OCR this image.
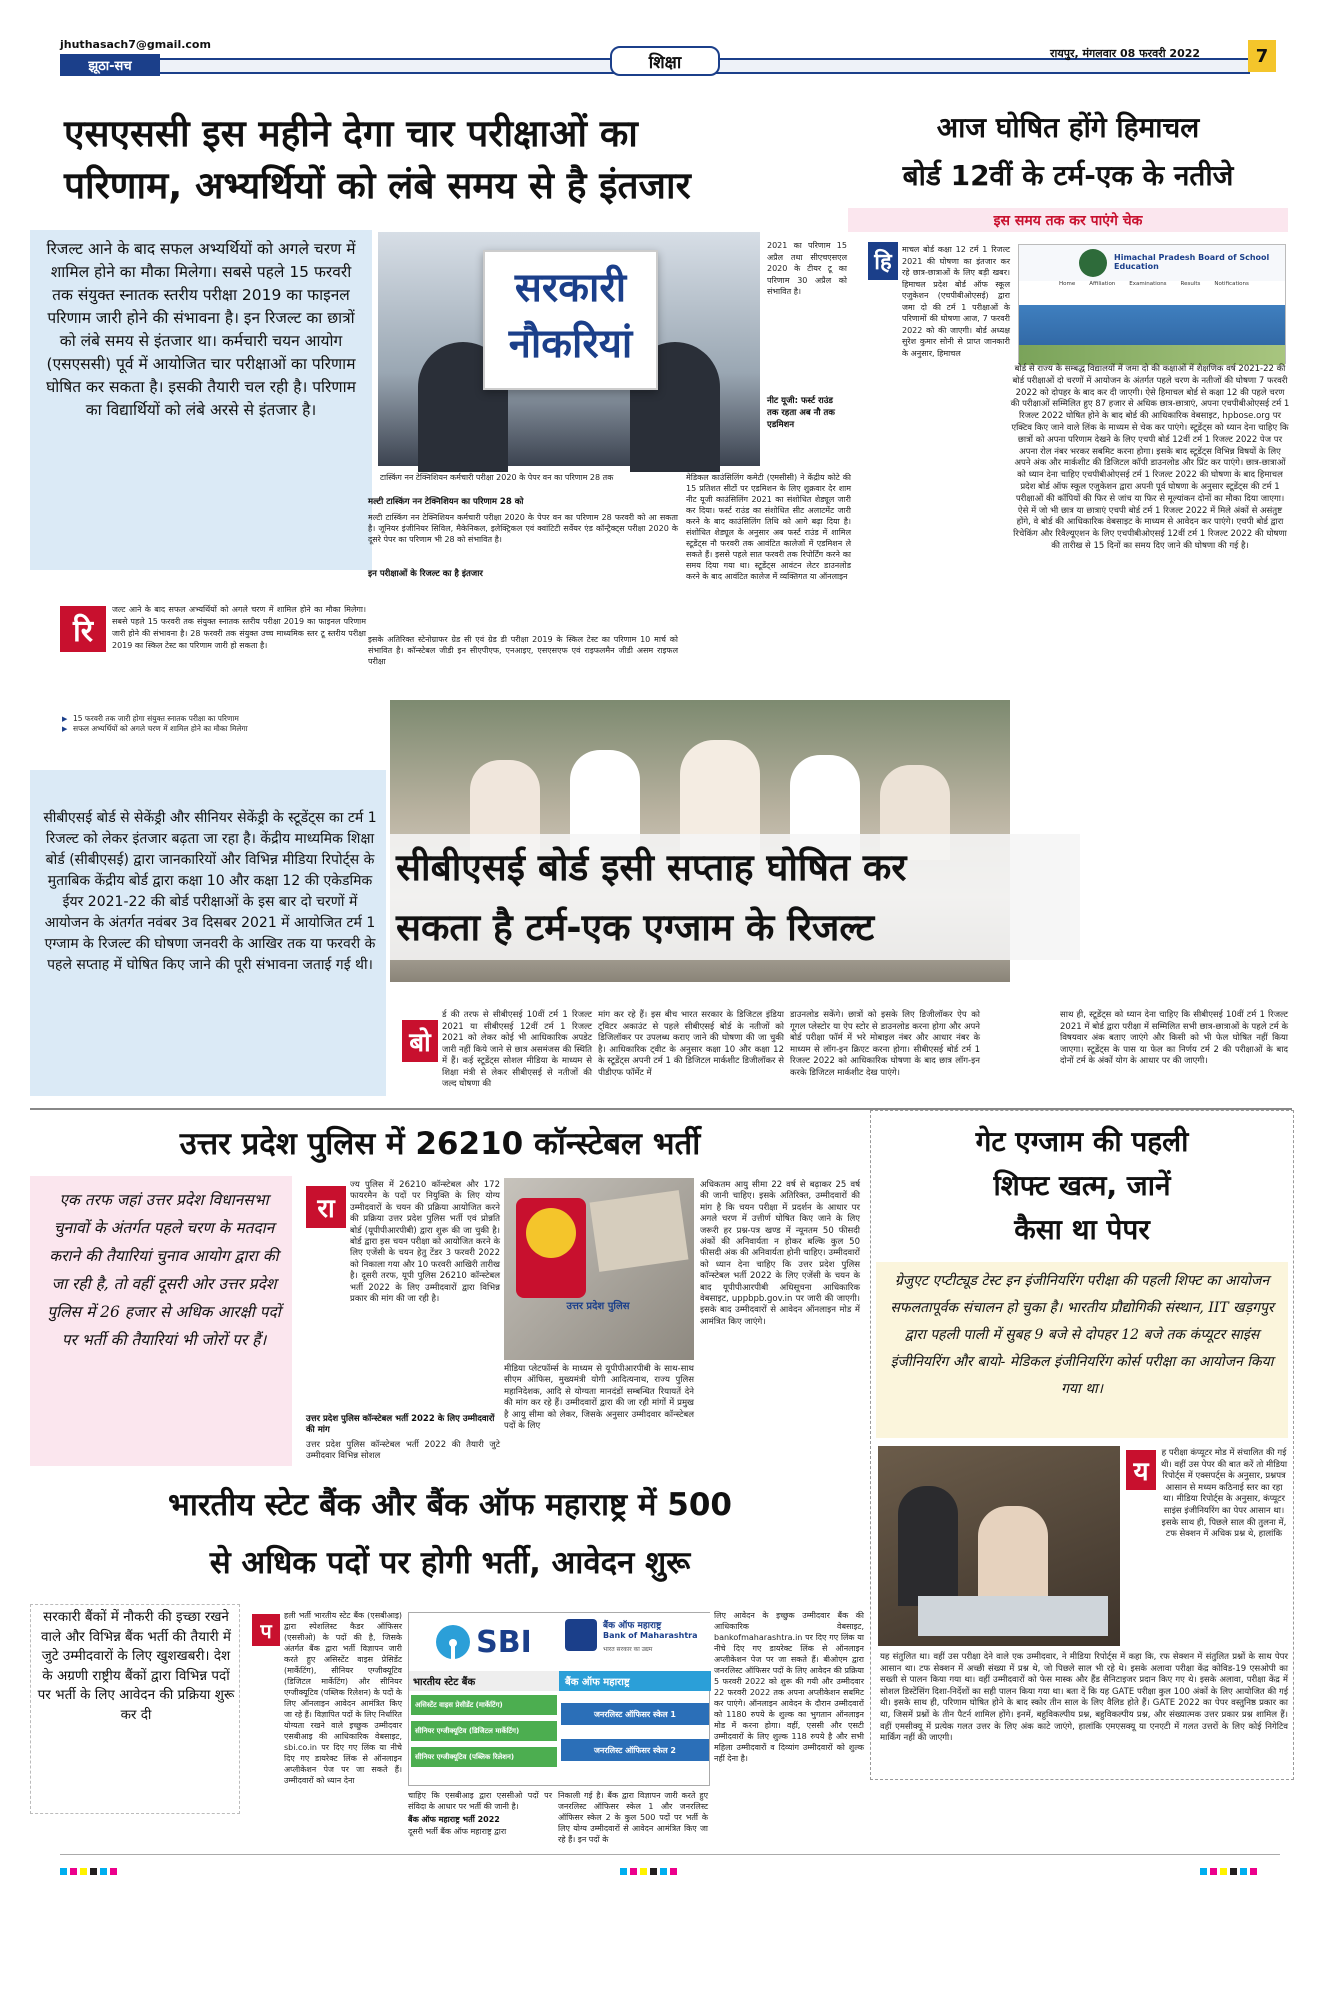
jhuthasach7@gmail.com
झूठा-सच	शिक्षा	रायपुर, मंगलवार 08 फरवरी 2022	7
एसएससी इस महीने देगा चार परीक्षाओं का
परिणाम, अभ्यर्थियों को लंबे समय से है इंतजार
रिजल्ट आने के बाद सफल अभ्यर्थियों को अगले चरण में शामिल होने का मौका मिलेगा। सबसे पहले 15 फरवरी तक संयुक्त स्नातक स्तरीय परीक्षा 2019 का फाइनल परिणाम जारी होने की संभावना है। इन रिजल्ट का छात्रों को लंबे समय से इंतजार था। कर्मचारी चयन आयोग (एसएससी) पूर्व में आयोजित चार परीक्षाओं का परिणाम घोषित कर सकता है। इसकी तैयारी चल रही है। परिणाम का विद्यार्थियों को लंबे अरसे से इंतजार है।
सरकारी
नौकरियां
2021 का परिणाम 15 अप्रैल तथा सीएचएसएल 2020 के टीयर टू का परिणाम 30 अप्रैल को संभावित है।
नीट यूजी: फर्स्ट राउंड तक रहता अब नौ तक एडमिशन
रि
जल्ट आने के बाद सफल अभ्यर्थियों को अगले चरण में शामिल होने का मौका मिलेगा। सबसे पहले 15 फरवरी तक संयुक्त स्नातक स्तरीय परीक्षा 2019 का फाइनल परिणाम जारी होने की संभावना है। 28 फरवरी तक संयुक्त उच्च माध्यमिक स्तर टू स्तरीय परीक्षा 2019 का स्किल टेस्ट का परिणाम जारी हो सकता है।
▶ 15 फरवरी तक जारी होगा संयुक्त स्नातक परीक्षा का परिणाम
▶ सफल अभ्यर्थियों को अगले चरण में शामिल होने का मौका मिलेगा
टास्किंग नन टेक्निशियन कर्मचारी परीक्षा 2020 के पेपर वन का परिणाम 28 तक
मल्टी टास्किंग नन टेक्निशियन का परिणाम 28 को
मल्टी टास्किंग नन टेक्निशियन कर्मचारी परीक्षा 2020 के पेपर वन का परिणाम 28 फरवरी को आ सकता है। जूनियर इंजीनियर सिविल, मैकेनिकल, इलेक्ट्रिकल एवं क्वांटिटी सर्वेयर एंड कॉन्ट्रैक्ट्स परीक्षा 2020 के दूसरे पेपर का परिणाम भी 28 को संभावित है।
इन परीक्षाओं के रिजल्ट का है इंतजार
इसके अतिरिक्त स्टेनोग्राफर ग्रेड सी एवं ग्रेड डी परीक्षा 2019 के स्किल टेस्ट का परिणाम 10 मार्च को संभावित है। कॉन्स्टेबल जीडी इन सीएपीएफ, एनआइए, एसएसएफ एवं राइफलमैन जीडी असम राइफल परीक्षा
मेडिकल काउंसिलिंग कमेटी (एमसीसी) ने केंद्रीय कोटे की 15 प्रतिशत सीटों पर एडमिशन के लिए शुक्रवार देर शाम नीट यूजी काउंसिलिंग 2021 का संशोधित शेड्यूल जारी कर दिया। फर्स्ट राउंड का संशोधित सीट अलाटमेंट जारी करने के बाद काउंसिलिंग तिथि को आगे बढ़ा दिया है। संशोधित शेड्यूल के अनुसार अब फर्स्ट राउंड में शामिल स्टूडेंट्स नौ फरवरी तक आवंटित कालेजों में एडमिशन ले सकते हैं। इससे पहले सात फरवरी तक रिपोर्टिंग करने का समय दिया गया था। स्टूडेंट्स आवंटन लेटर डाउनलोड करने के बाद आवंटित कालेज में व्यक्तिगत या ऑनलाइन
आज घोषित होंगे हिमाचल
बोर्ड 12वीं के टर्म-एक के नतीजे
इस समय तक कर पाएंगे चेक
हि
माचल बोर्ड कक्षा 12 टर्म 1 रिजल्ट 2021 की घोषणा का इंतजार कर रहे छात्र-छात्राओं के लिए बड़ी खबर। हिमाचल प्रदेश बोर्ड ऑफ स्कूल एजुकेशन (एचपीबीओएसई) द्वारा जमा दो की टर्म 1 परीक्षाओं के परिणामों की घोषणा आज, 7 फरवरी 2022 को की जाएगी। बोर्ड अध्यक्ष सुरेश कुमार सोनी से प्राप्त जानकारी के अनुसार, हिमाचल
Himachal Pradesh Board of School Education
Home	Affiliation	Examinations	Results	Notifications
बोर्ड से राज्य के सम्बद्ध विद्यालयों में जमा दो की कक्षाओं में शैक्षणिक वर्ष 2021-22 की बोर्ड परीक्षाओं दो चरणों में आयोजन के अंतर्गत पहले चरण के नतीजों की घोषणा 7 फरवरी 2022 को दोपहर के बाद कर दी जाएगी। ऐसे हिमाचल बोर्ड से कक्षा 12 की पहले चरण की परीक्षाओं सम्मिलित हुए 87 हजार से अधिक छात्र-छात्राएं, अपना एचपीबीओएसई टर्म 1 रिजल्ट 2022 घोषित होने के बाद बोर्ड की आधिकारिक वेबसाइट, hpbose.org पर एक्टिव किए जाने वाले लिंक के माध्यम से चेक कर पाएंगे। स्टूडेंट्स को ध्यान देना चाहिए कि छात्रों को अपना परिणाम देखने के लिए एचपी बोर्ड 12वीं टर्म 1 रिजल्ट 2022 पेज पर अपना रोल नंबर भरकर सबमिट करना होगा। इसके बाद स्टूडेंट्स विभिन्न विषयों के लिए अपने अंक और मार्कशीट की डिजिटल कॉपी डाउनलोड और प्रिंट कर पाएंगे। छात्र-छात्राओं को ध्यान देना चाहिए एचपीबीओएसई टर्म 1 रिजल्ट 2022 की घोषणा के बाद हिमाचल प्रदेश बोर्ड ऑफ स्कूल एजुकेशन द्वारा अपनी पूर्व घोषणा के अनुसार स्टूडेंट्स की टर्म 1 परीक्षाओं की कॉपियों की फिर से जांच या फिर से मूल्यांकन दोनों का मौका दिया जाएगा। ऐसे में जो भी छात्र या छात्राएं एचपी बोर्ड टर्म 1 रिजल्ट 2022 में मिले अंकों से असंतुष्ट होंगे, वे बोर्ड की आधिकारिक वेबसाइट के माध्यम से आवेदन कर पाएंगे। एचपी बोर्ड द्वारा रिचेकिंग और रिवैल्यूएशन के लिए एचपीबीओएसई 12वीं टर्म 1 रिजल्ट 2022 की घोषणा की तारीख से 15 दिनों का समय दिए जाने की घोषणा की गई है।
सीबीएसई बोर्ड इसी सप्ताह घोषित कर
सकता है टर्म-एक एग्जाम के रिजल्ट
सीबीएसई बोर्ड से सेकेंड्री और सीनियर सेकेंड्री के स्टूडेंट्स का टर्म 1 रिजल्ट को लेकर इंतजार बढ़ता जा रहा है। केंद्रीय माध्यमिक शिक्षा बोर्ड (सीबीएसई) द्वारा जानकारियों और विभिन्न मीडिया रिपोर्ट्स के मुताबिक केंद्रीय बोर्ड द्वारा कक्षा 10 और कक्षा 12 की एकेडमिक ईयर 2021-22 की बोर्ड परीक्षाओं के इस बार दो चरणों में आयोजन के अंतर्गत नवंबर 3व दिसबर 2021 में आयोजित टर्म 1 एग्जाम के रिजल्ट की घोषणा जनवरी के आखिर तक या फरवरी के पहले सप्ताह में घोषित किए जाने की पूरी संभावना जताई गई थी।
बो
र्ड की तरफ से सीबीएसई 10वीं टर्म 1 रिजल्ट 2021 या सीबीएसई 12वीं टर्म 1 रिजल्ट 2021 को लेकर कोई भी आधिकारिक अपडेट जारी नहीं किये जाने से छात्र असमंजस की स्थिति में हैं। कई स्टूडेंट्स सोशल मीडिया के माध्यम से शिक्षा मंत्री से लेकर सीबीएसई से नतीजों की जल्द घोषणा की
मांग कर रहे हैं। इस बीच भारत सरकार के डिजिटल इंडिया ट्विटर अकाउंट से पहले सीबीएसई बोर्ड के नतीजों को डिजिलॉकर पर उपलब्ध कराए जाने की घोषणा की जा चुकी है। आधिकारिक ट्वीट के अनुसार कक्षा 10 और कक्षा 12 के स्टूडेंट्स अपनी टर्म 1 की डिजिटल मार्कशीट डिजीलॉकर से पीडीएफ फॉर्मेट में
डाउनलोड सकेंगे। छात्रों को इसके लिए डिजीलॉकर ऐप को गूगल प्लेस्टोर या ऐप स्टोर से डाउनलोड करना होगा और अपने बोर्ड परीक्षा फॉर्म में भरे मोबाइल नंबर और आधार नंबर के माध्यम से लॉग-इन क्रिएट करना होगा। सीबीएसई बोर्ड टर्म 1 रिजल्ट 2022 को आधिकारिक घोषणा के बाद छात्र लॉग-इन करके डिजिटल मार्कशीट देख पाएंगे।
साथ ही, स्टूडेंट्स को ध्यान देना चाहिए कि सीबीएसई 10वीं टर्म 1 रिजल्ट 2021 में बोर्ड द्वारा परीक्षा में सम्मिलित सभी छात्र-छात्राओं के पहले टर्म के विषयवार अंक बताए जाएंगे और किसी को भी फेल घोषित नहीं किया जाएगा। स्टूडेंट्स के पास या फेल का निर्णय टर्म 2 की परीक्षाओं के बाद दोनों टर्म के अंकों योग के आधार पर की जाएगी।
उत्तर प्रदेश पुलिस में 26210 कॉन्स्टेबल भर्ती
एक तरफ जहां उत्तर प्रदेश विधानसभा चुनावों के अंतर्गत पहले चरण के मतदान कराने की तैयारियां चुनाव आयोग द्वारा की जा रही है, तो वहीं दूसरी ओर उत्तर प्रदेश पुलिस में 26 हजार से अधिक आरक्षी पदों पर भर्ती की तैयारियां भी जोरों पर हैं।
रा
ज्य पुलिस में 26210 कॉन्स्टेबल और 172 फायरमैन के पदों पर नियुक्ति के लिए योग्य उम्मीदवारों के चयन की प्रक्रिया आयोजित करने की प्रक्रिया उत्तर प्रदेश पुलिस भर्ती एवं प्रोन्नति बोर्ड (यूपीपीआरपीबी) द्वारा शुरू की जा चुकी है। बोर्ड द्वारा इस चयन परीक्षा को आयोजित करने के लिए एजेंसी के चयन हेतु टेंडर 3 फरवरी 2022 को निकाला गया और 10 फरवरी आखिरी तारीख है। दूसरी तरफ, यूपी पुलिस 26210 कॉन्स्टेबल भर्ती 2022 के लिए उम्मीदवारों द्वारा विभिन्न प्रकार की मांग की जा रही है।
उत्तर प्रदेश पुलिस कॉन्स्टेबल भर्ती 2022 के लिए उम्मीदवारों की मांग
उत्तर प्रदेश पुलिस कॉन्स्टेबल भर्ती 2022 की तैयारी जुटे उम्मीदवार विभिन्न सोशल
उत्तर प्रदेश पुलिस
मीडिया प्लेटफॉर्म्स के माध्यम से यूपीपीआरपीबी के साथ-साथ सीएम ऑफिस, मुख्यमंत्री योगी आदित्यनाथ, राज्य पुलिस महानिदेशक, आदि से योग्यता मानदंडों सम्बन्धित रियायतें देने की मांग कर रहे हैं। उम्मीदवारों द्वारा की जा रही मांगों में प्रमुख है आयु सीमा को लेकर, जिसके अनुसार उम्मीदवार कॉन्स्टेबल पदों के लिए
अधिकतम आयु सीमा 22 वर्ष से बढ़ाकर 25 वर्ष की जानी चाहिए। इसके अतिरिक्त, उम्मीदवारों की मांग है कि चयन परीक्षा में प्रदर्शन के आधार पर अगले चरण में उत्तीर्ण घोषित किए जाने के लिए जरूरी हर प्रश्न-पत्र खण्ड में न्यूनतम 50 फीसदी अंकों की अनिवार्यता न होकर बल्कि कुल 50 फीसदी अंक की अनिवार्यता होनी चाहिए। उम्मीदवारों को ध्यान देना चाहिए कि उत्तर प्रदेश पुलिस कॉन्स्टेबल भर्ती 2022 के लिए एजेंसी के चयन के बाद यूपीपीआरपीबी अधिसूचना आधिकारिक वेबसाइट, uppbpb.gov.in पर जारी की जाएगी। इसके बाद उम्मीदवारों से आवेदन ऑनलाइन मोड में आमंत्रित किए जाएंगे।
गेट एग्जाम की पहली
शिफ्ट खत्म, जानें
कैसा था पेपर
ग्रेजुएट एप्टीट्यूड टेस्ट इन इंजीनियरिंग परीक्षा की पहली शिफ्ट का आयोजन सफलतापूर्वक संचालन हो चुका है। भारतीय प्रौद्योगिकी संस्थान, IIT खड़गपुर द्वारा पहली पाली में सुबह 9 बजे से दोपहर 12 बजे तक कंप्यूटर साइंस इंजीनियरिंग और बायो- मेडिकल इंजीनियरिंग कोर्स परीक्षा का आयोजन किया गया था।
य
ह परीक्षा कंप्यूटर मोड में संचालित की गई थी। वहीं उस पेपर की बात करें तो मीडिया रिपोर्ट्स में एक्सपर्ट्स के अनुसार, प्रश्नपत्र आसान से मध्यम कठिनाई स्तर का रहा था। मीडिया रिपोर्ट्स के अनुसार, कंप्यूटर साइंस इंजीनियरिंग का पेपर आसान था। इसके साथ ही, पिछले साल की तुलना में, टफ सेक्शन में अधिक प्रश्न थे, हालांकि
यह संतुलित था। वहीं उस परीक्षा देने वाले एक उम्मीदवार, ने मीडिया रिपोर्ट्स में कहा कि, रफ सेक्शन में संतुलित प्रश्नों के साथ पेपर आसान था। टफ सेक्शन में अच्छी संख्या में प्रश्न थे, जो पिछले साल भी रहे थे। इसके अलावा परीक्षा केंद्र कोविड-19 एसओपी का सख्ती से पालन किया गया था। वहीं उम्मीदवारों को फेस मास्क और हैंड सैनिटाइजर प्रदान किए गए थे। इसके अलावा, परीक्षा केंद्र में सोशल डिस्टेंसिंग दिशा-निर्देशों का सही पालन किया गया था। बता दें कि यह GATE परीक्षा कुल 100 अंकों के लिए आयोजित की गई थी। इसके साथ ही, परिणाम घोषित होने के बाद स्कोर तीन साल के लिए वैलिड होते हैं। GATE 2022 का पेपर वस्तुनिष्ठ प्रकार का था, जिसमें प्रश्नों के तीन पैटर्न शामिल होंगे। इनमें, बहुविकल्पीय प्रश्न, बहुविकल्पीय प्रश्न, और संख्यात्मक उत्तर प्रकार प्रश्न शामिल हैं। वहीं एमसीक्यू में प्रत्येक गलत उत्तर के लिए अंक काटे जाएंगे, हालांकि एमएसक्यू या एनएटी में गलत उत्तरों के लिए कोई निगेटिव मार्किंग नहीं की जाएगी।
भारतीय स्टेट बैंक और बैंक ऑफ महाराष्ट्र में 500
से अधिक पदों पर होगी भर्ती, आवेदन शुरू
सरकारी बैंकों में नौकरी की इच्छा रखने वाले और विभिन्न बैंक भर्ती की तैयारी में जुटे उम्मीदवारों के लिए खुशखबरी। देश के अग्रणी राष्ट्रीय बैंकों द्वारा विभिन्न पदों पर भर्ती के लिए आवेदन की प्रक्रिया शुरू कर दी
प
हली भर्ती भारतीय स्टेट बैंक (एसबीआइ) द्वारा स्पेशलिस्ट कैडर ऑफिसर (एससीओ) के पदों की है, जिसके अंतर्गत बैंक द्वारा भर्ती विज्ञापन जारी करते हुए असिस्टेंट वाइस प्रेसिडेंट (मार्केटिंग), सीनियर एग्जीक्यूटिव (डिजिटल मार्केटिंग) और सीनियर एग्जीक्यूटिव (पब्लिक रिलेशन) के पदों के लिए ऑनलाइन आवेदन आमंत्रित किए जा रहे हैं। विज्ञापित पदों के लिए निर्धारित योग्यता रखने वाले इच्छुक उम्मीदवार एसबीआइ की आधिकारिक वेबसाइट, sbi.co.in पर दिए गए लिंक या नीचे दिए गए डायरेक्ट लिंक से ऑनलाइन अप्लीकेशन पेज पर जा सकते हैं। उम्मीदवारों को ध्यान देना
SBI	बैंक ऑफ महाराष्ट्र
Bank of Maharashtra
भारत सरकार का उद्यम
भारतीय स्टेट बैंक	बैंक ऑफ महाराष्ट्र
असिस्टेंट वाइस प्रेसीडेंट (मार्केटिंग)
सीनियर एग्जीक्यूटिव (डिजिटल मार्केटिंग)
सीनियर एग्जीक्यूटिव (पब्लिक रिलेशन)
जनरलिस्ट ऑफिसर स्केल 1
जनरलिस्ट ऑफिसर स्केल 2
चाहिए कि एसबीआइ द्वारा एससीओ पदों पर संविदा के आधार पर भर्ती की जानी है।
बैंक ऑफ महाराष्ट्र भर्ती 2022
दूसरी भर्ती बैंक ऑफ महाराष्ट्र द्वारा
निकाली गई है। बैंक द्वारा विज्ञापन जारी करते हुए जनरलिस्ट ऑफिसर स्केल 1 और जनरलिस्ट ऑफिसर स्केल 2 के कुल 500 पदों पर भर्ती के लिए योग्य उम्मीदवारों से आवेदन आमंत्रित किए जा रहे हैं। इन पदों के
लिए आवेदन के इच्छुक उम्मीदवार बैंक की आधिकारिक वेबसाइट, bankofmaharashtra.in पर दिए गए लिंक या नीचे दिए गए डायरेक्ट लिंक से ऑनलाइन अप्लीकेशन पेज पर जा सकते हैं। बीओएम द्वारा जनरलिस्ट ऑफिसर पदों के लिए आवेदन की प्रक्रिया 5 फरवरी 2022 को शुरू की गयी और उम्मीदवार 22 फरवरी 2022 तक अपना अप्लीकेशन सबमिट कर पाएंगे। ऑनलाइन आवेदन के दौरान उम्मीदवारों को 1180 रुपये के शुल्क का भुगतान ऑनलाइन मोड में करना होगा। वहीं, एससी और एसटी उम्मीदवारों के लिए शुल्क 118 रुपये है और सभी महिला उम्मीदवारों व दिव्यांग उम्मीदवारों को शुल्क नहीं देना है।
